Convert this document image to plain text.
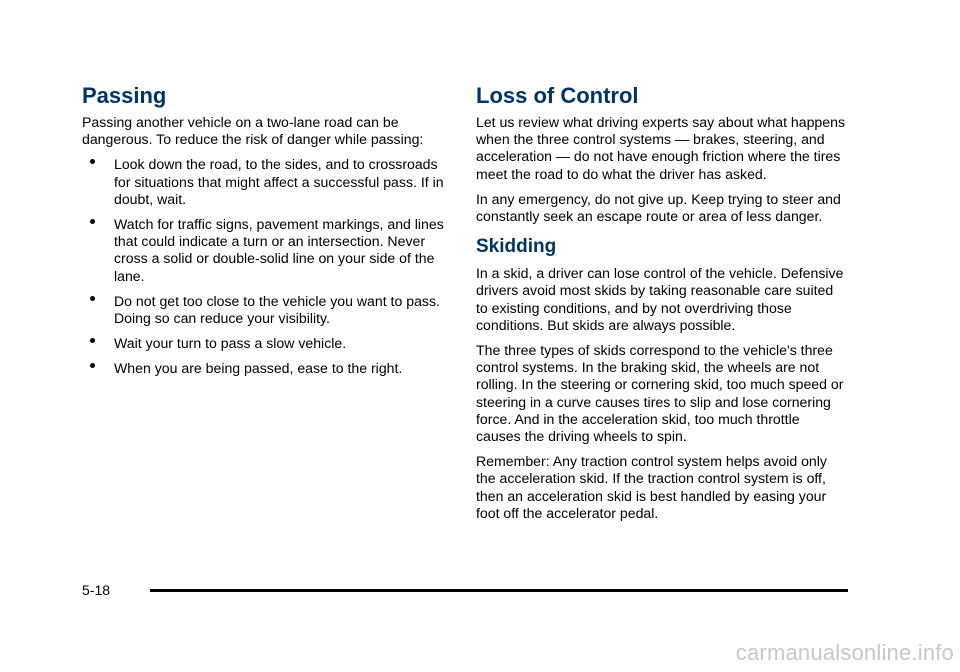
Passing

Passing another vehicle on a two-lane road can be dangerous. To reduce the risk of danger while passing:

Look down the road, to the sides, and to crossroads for situations that might affect a successful pass. If in doubt, wait.
Watch for traffic signs, pavement markings, and lines that could indicate a turn or an intersection. Never cross a solid or double-solid line on your side of the lane.
Do not get too close to the vehicle you want to pass. Doing so can reduce your visibility.
Wait your turn to pass a slow vehicle.
When you are being passed, ease to the right.
Loss of Control

Let us review what driving experts say about what happens when the three control systems — brakes, steering, and acceleration — do not have enough friction where the tires meet the road to do what the driver has asked.

In any emergency, do not give up. Keep trying to steer and constantly seek an escape route or area of less danger.

Skidding

In a skid, a driver can lose control of the vehicle. Defensive drivers avoid most skids by taking reasonable care suited to existing conditions, and by not overdriving those conditions. But skids are always possible.

The three types of skids correspond to the vehicle's three control systems. In the braking skid, the wheels are not rolling. In the steering or cornering skid, too much speed or steering in a curve causes tires to slip and lose cornering force. And in the acceleration skid, too much throttle causes the driving wheels to spin.

Remember: Any traction control system helps avoid only the acceleration skid. If the traction control system is off, then an acceleration skid is best handled by easing your foot off the accelerator pedal.

5-18
carmanualsonline.info
